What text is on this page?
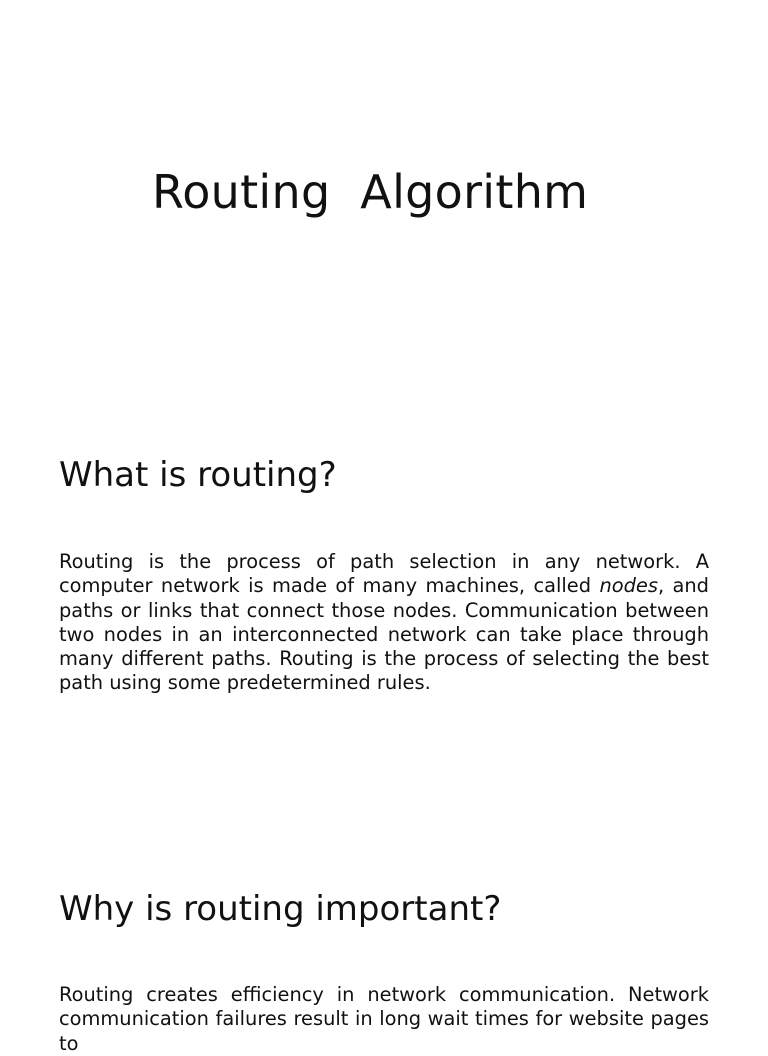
Routing  Algorithm
What is routing?

Routing is the process of path selection in any network. A computer network is made of many machines, called nodes, and paths or links that connect those nodes. Communication between two nodes in an interconnected network can take place through many different paths. Routing is the process of selecting the best path using some predetermined rules.

Why is routing important?

Routing creates efficiency in network communication. Network communication failures result in long wait times for website pages to
